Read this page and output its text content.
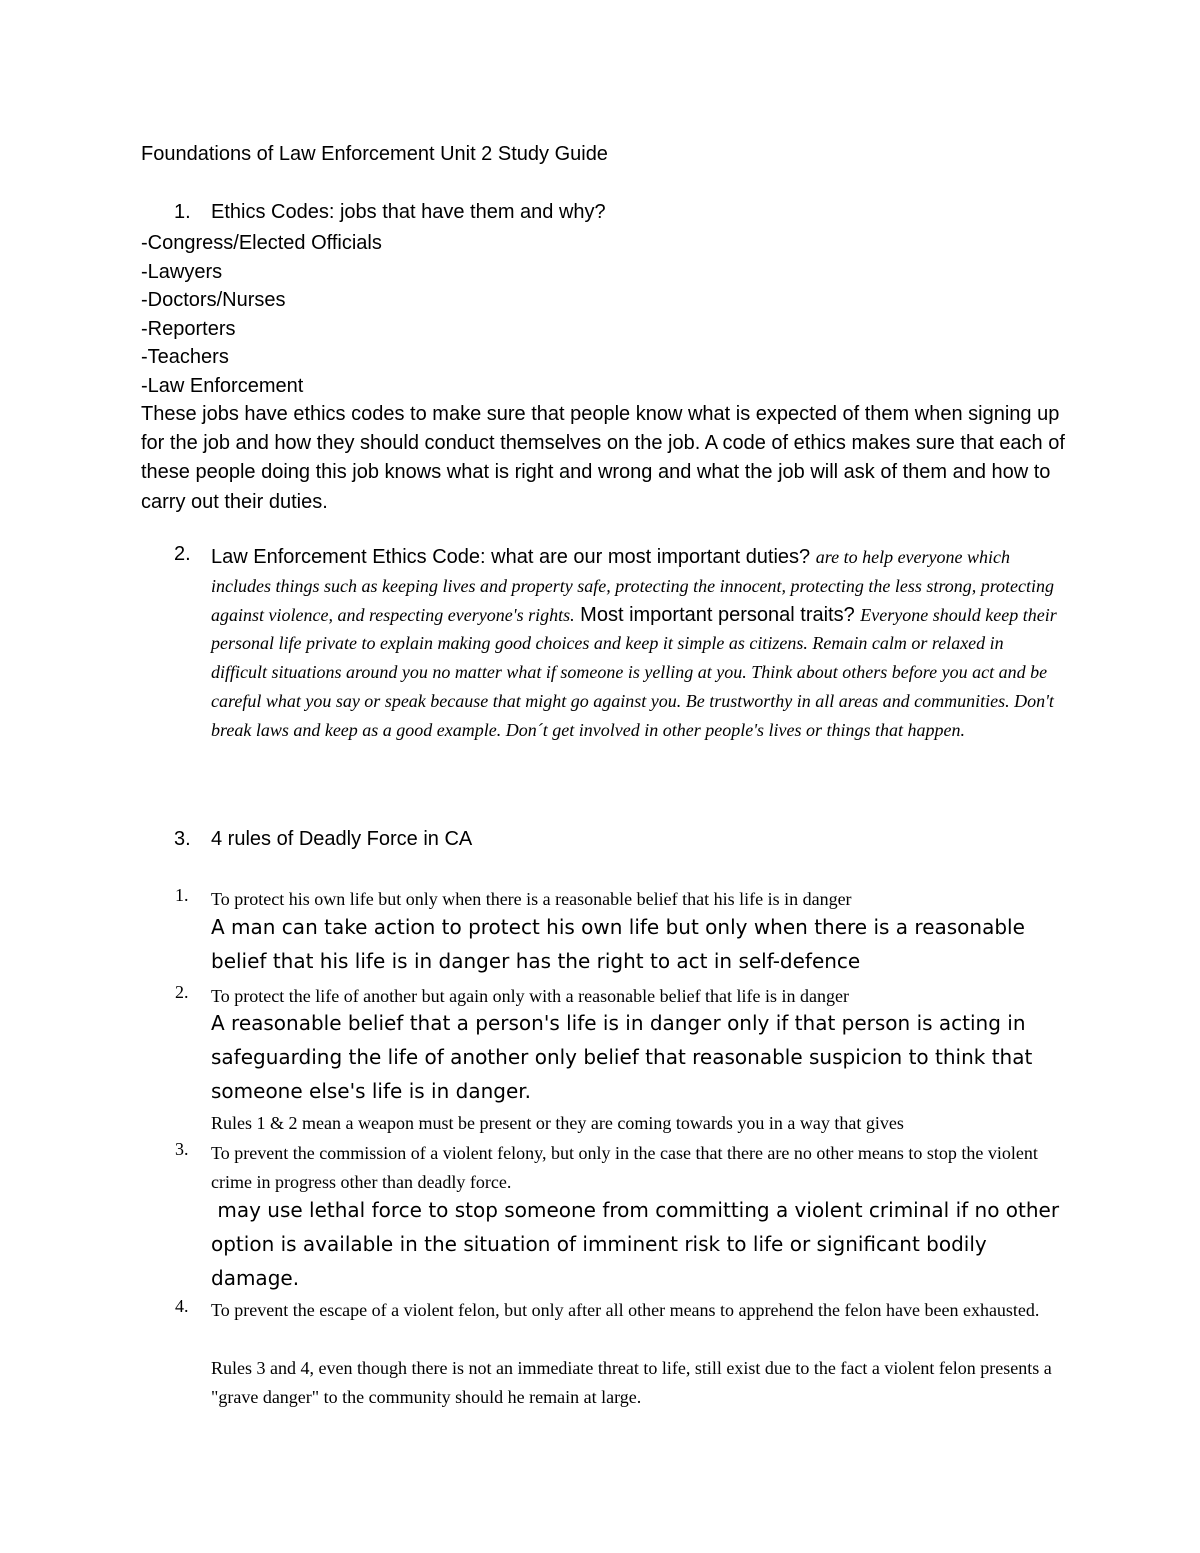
Foundations of Law Enforcement Unit 2 Study Guide
1. Ethics Codes: jobs that have them and why?
-Congress/Elected Officials
-Lawyers
-Doctors/Nurses
-Reporters
-Teachers
-Law Enforcement
These jobs have ethics codes to make sure that people know what is expected of them when signing up for the job and how they should conduct themselves on the job. A code of ethics makes sure that each of these people doing this job knows what is right and wrong and what the job will ask of them and how to carry out their duties.
2. Law Enforcement Ethics Code: what are our most important duties? are to help everyone which includes things such as keeping lives and property safe, protecting the innocent, protecting the less strong, protecting against violence, and respecting everyone's rights. Most important personal traits? Everyone should keep their personal life private to explain making good choices and keep it simple as citizens. Remain calm or relaxed in difficult situations around you no matter what if someone is yelling at you. Think about others before you act and be careful what you say or speak because that might go against you. Be trustworthy in all areas and communities. Don't break laws and keep as a good example. Don´t get involved in other people's lives or things that happen.
3. 4 rules of Deadly Force in CA
1. To protect his own life but only when there is a reasonable belief that his life is in danger
A man can take action to protect his own life but only when there is a reasonable belief that his life is in danger has the right to act in self-defence
2. To protect the life of another but again only with a reasonable belief that life is in danger
A reasonable belief that a person's life is in danger only if that person is acting in safeguarding the life of another only belief that reasonable suspicion to think that someone else's life is in danger.
Rules 1 & 2 mean a weapon must be present or they are coming towards you in a way that gives
3. To prevent the commission of a violent felony, but only in the case that there are no other means to stop the violent crime in progress other than deadly force.
may use lethal force to stop someone from committing a violent criminal if no other option is available in the situation of imminent risk to life or significant bodily damage.
4. To prevent the escape of a violent felon, but only after all other means to apprehend the felon have been exhausted.
Rules 3 and 4, even though there is not an immediate threat to life, still exist due to the fact a violent felon presents a "grave danger" to the community should he remain at large.
